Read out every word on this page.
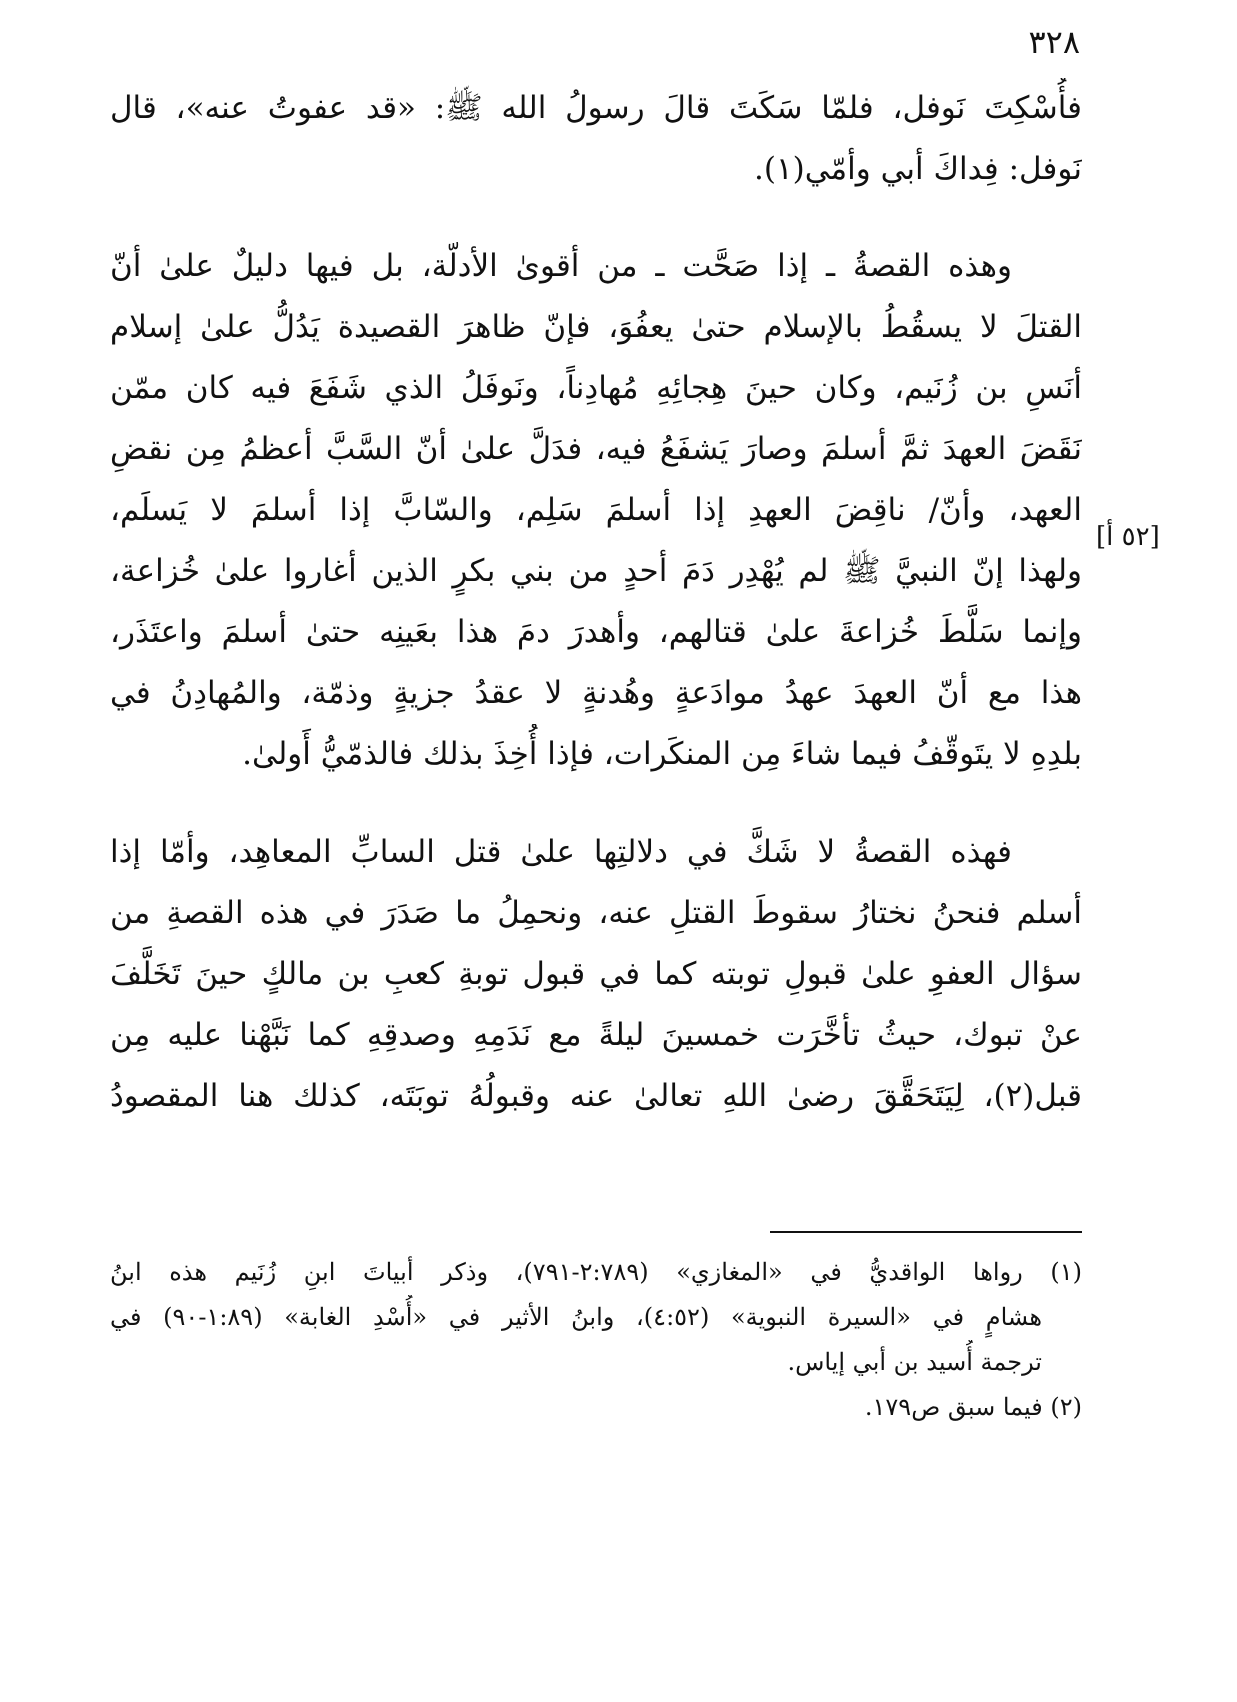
٣٢٨
فأُسْكِتَ نَوفل، فلمّا سَكَتَ قالَ رسولُ الله ﷺ: «قد عفوتُ عنه»، قال
نَوفل: فِداكَ أبي وأمّي(١).
وهذه القصةُ ـ إذا صَحَّت ـ من أقوىٰ الأدلّة، بل فيها دليلٌ علىٰ أنّ
القتلَ لا يسقُطُ بالإسلام حتىٰ يعفُوَ، فإنّ ظاهرَ القصيدة يَدُلُّ علىٰ إسلام
أنَسِ بن زُنَيم، وكان حينَ هِجائِهِ مُهادِناً، ونَوفَلُ الذي شَفَعَ فيه كان ممّن
نَقَضَ العهدَ ثمَّ أسلمَ وصارَ يَشفَعُ فيه، فدَلَّ علىٰ أنّ السَّبَّ أعظمُ مِن نقضِ
العهد، وأنّ/ ناقِضَ العهدِ إذا أسلمَ سَلِم، والسّابَّ إذا أسلمَ لا يَسلَم،
ولهذا إنّ النبيَّ ﷺ لم يُهْدِر دَمَ أحدٍ من بني بكرٍ الذين أغاروا علىٰ خُزاعة،
وإنما سَلَّطَ خُزاعةَ علىٰ قتالهم، وأهدرَ دمَ هذا بعَينِه حتىٰ أسلمَ واعتَذَر،
هذا مع أنّ العهدَ عهدُ موادَعةٍ وهُدنةٍ لا عقدُ جزيةٍ وذمّة، والمُهادِنُ في
بلدِهِ لا يتَوقّفُ فيما شاءَ مِن المنكَرات، فإذا أُخِذَ بذلك فالذمّيُّ أَولىٰ.
[٥٢ أ]
فهذه القصةُ لا شَكَّ في دلالتِها علىٰ قتل السابِّ المعاهِد، وأمّا إذا
أسلم فنحنُ نختارُ سقوطَ القتلِ عنه، ونحمِلُ ما صَدَرَ في هذه القصةِ من
سؤال العفوِ علىٰ قبولِ توبته كما في قبول توبةِ كعبِ بن مالكٍ حينَ تَخَلَّفَ
عنْ تبوك، حيثُ تأخَّرَت خمسينَ ليلةً مع نَدَمِهِ وصدقِهِ كما نَبَّهْنا عليه مِن
قبل(٢)، لِيَتَحَقَّقَ رضىٰ اللهِ تعالىٰ عنه وقبولُهُ توبَتَه، كذلك هنا المقصودُ
(١) رواها الواقديُّ في «المغازي» (٢:٧٨٩-٧٩١)، وذكر أبياتَ ابنِ زُنَيم هذه ابنُ
هشامٍ في «السيرة النبوية» (٤:٥٢)، وابنُ الأثير في «أُسْدِ الغابة» (١:٨٩-٩٠) في
ترجمة أُسيد بن أبي إياس.
(٢) فيما سبق ص١٧٩.
